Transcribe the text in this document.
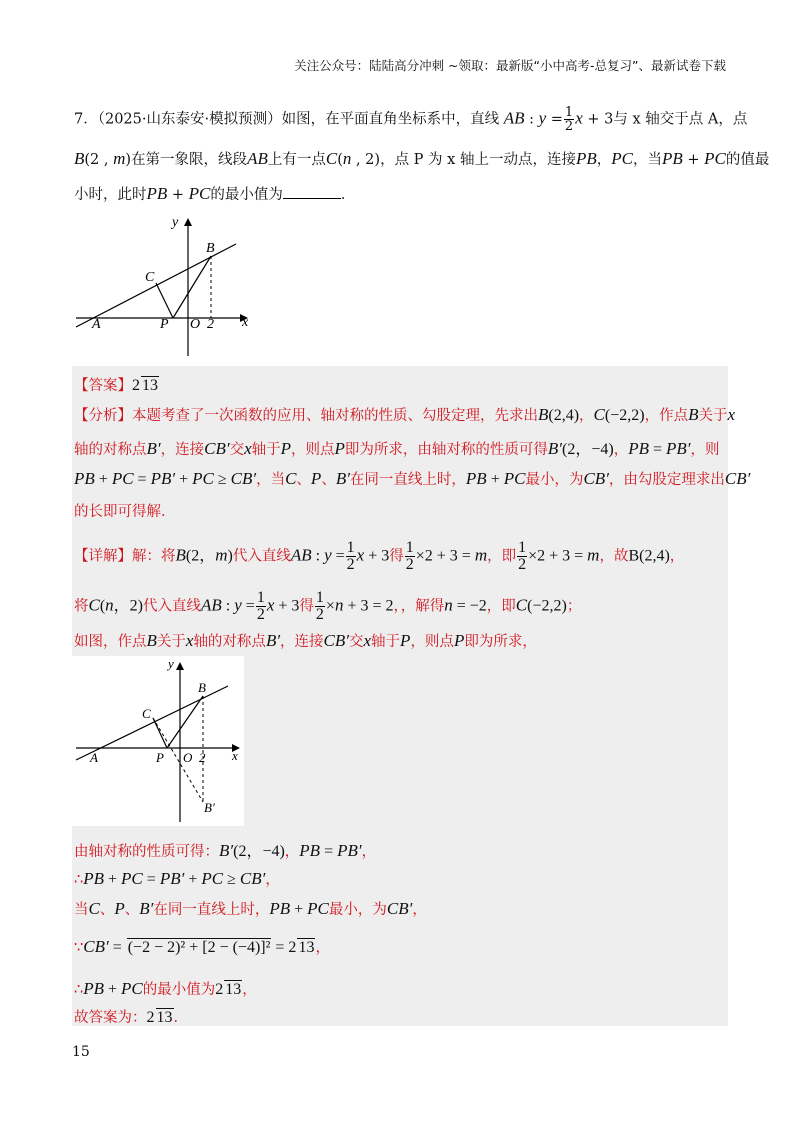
关注公众号：陆陆高分冲刺 ~领取：最新版“小中高考-总复习”、最新试卷下载
7．（2025·山东泰安·模拟预测）如图，在平面直角坐标系中，直线 AB : $y = \frac{1}{2}$ x + 3与 x 轴交于点 A，点
B(2 , m)在第一象限，线段AB上有一点C(n , 2)，点 P 为 x 轴上一动点，连接PB，PC，当PB + PC的值最
小时，此时PB + PC的最小值为	．
y
x
B
C
A	P O 2
【答案】2 13
【分析】本题考查了一次函数的应用、轴对称的性质、勾股定理，先求出B(2,4)，C(−2,2)，作点B关于x
轴的对称点B′，连接CB′交x轴于P，则点P即为所求，由轴对称的性质可得B′(2，−4)，PB = PB′，则
PB + PC = PB′ + PC ≥ CB′，当C、P、B′在同一直线上时，PB + PC最小，为CB′，由勾股定理求出CB′
的长即可得解．
【详解】解：将B(2，m)代入直线AB : $y = \frac{1}{2}$ x + 3得 $\frac{1}{2} \times 2 + 3 = m$，即 $\frac{1}{2} \times 2 + 3 = m$，故B(2,4)，
将C(n，2)代入直线AB : $y = \frac{1}{2}$ x + 3得 $\frac{1}{2} \times n + 3 = 2$，，解得n = −2，即C(−2,2)；
如图，作点B关于x轴的对称点B′，连接CB′交x轴于P，则点P即为所求，
y
x
B
C
A	P O 2
B′
由轴对称的性质可得：B′(2，−4)，PB = PB′，
∴PB + PC = PB′ + PC ≥ CB′，
当C、P、B′在同一直线上时，PB + PC最小，为CB′，
∵CB′ = (−2 − 2)² + [2 − (−4)]² = 2 13，
∴PB + PC的最小值为2 13，
故答案为：2 13．
15
